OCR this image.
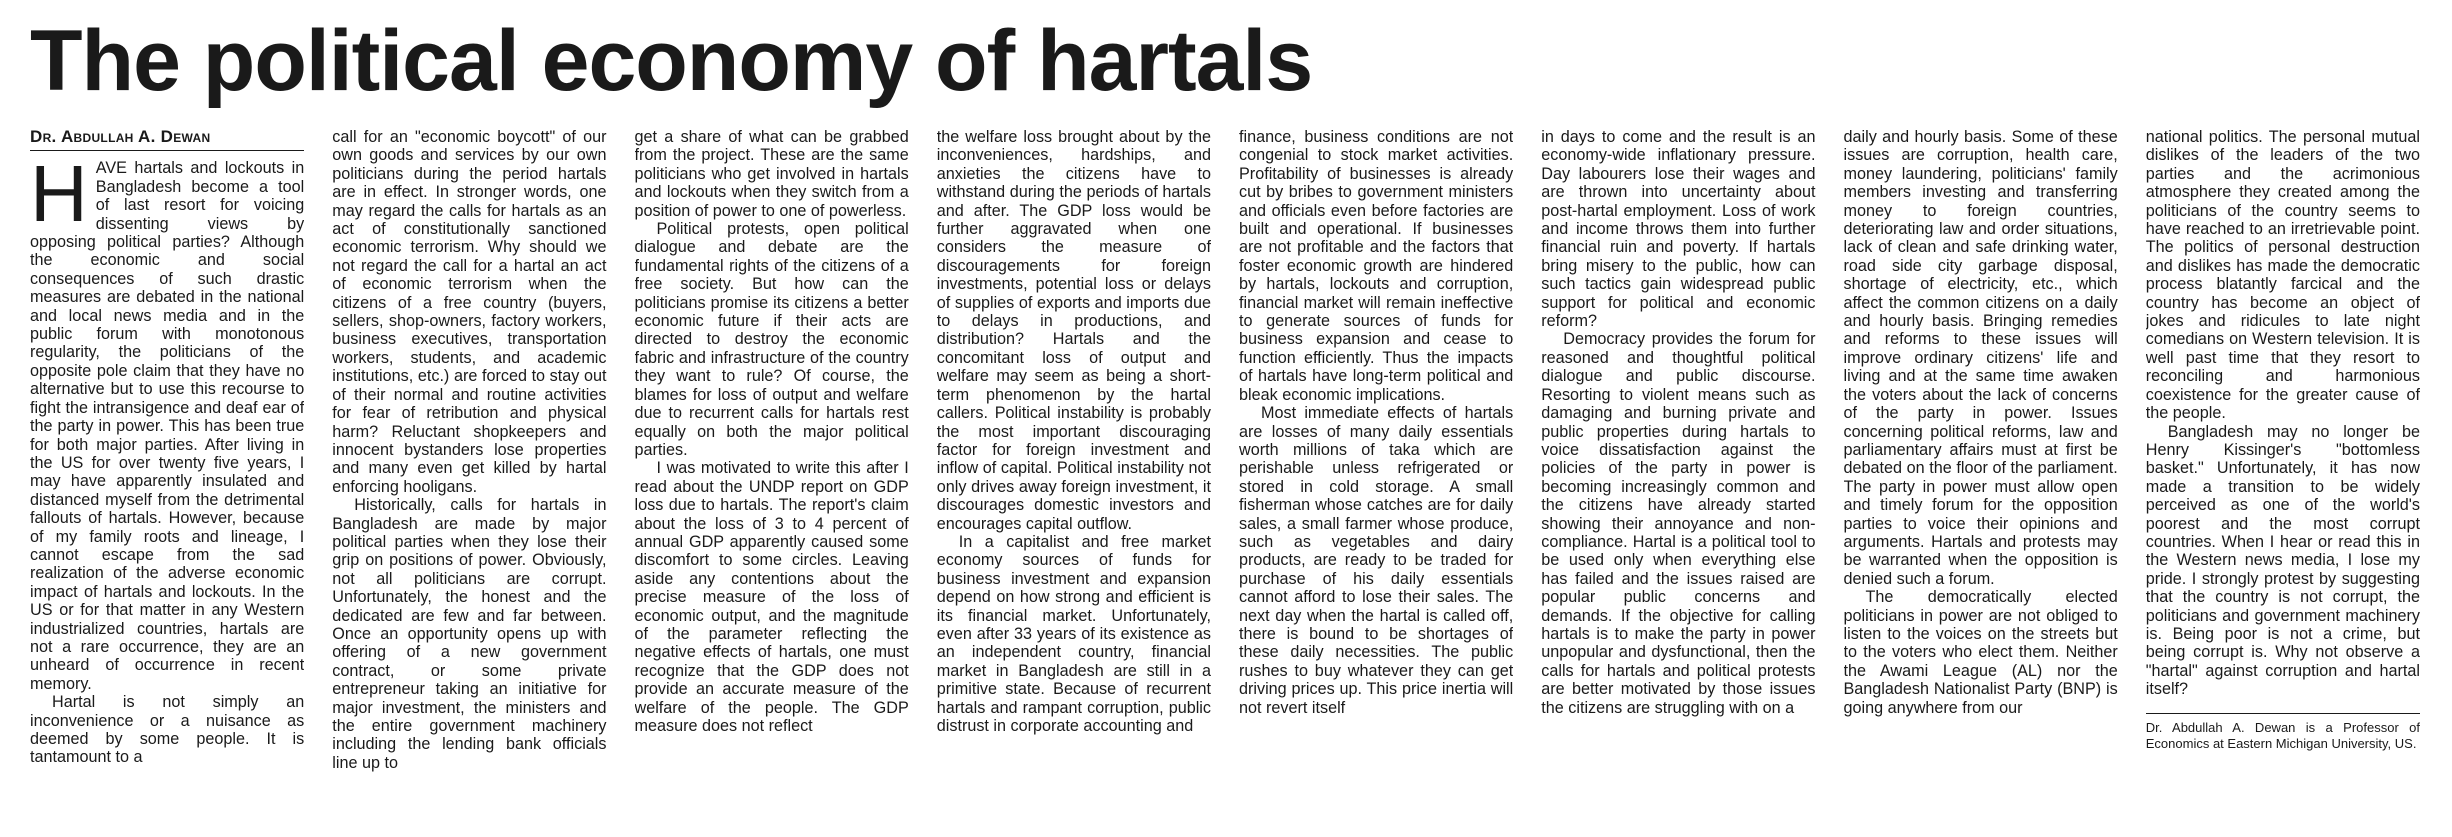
The political economy of hartals
Dr. Abdullah A. Dewan
H AVE hartals and lockouts in Bangladesh become a tool of last resort for voicing dissenting views by opposing political parties? Although the economic and social consequences of such drastic measures are debated in the national and local news media and in the public forum with monotonous regularity, the politicians of the opposite pole claim that they have no alternative but to use this recourse to fight the intransigence and deaf ear of the party in power. This has been true for both major parties. After living in the US for over twenty five years, I may have apparently insulated and distanced myself from the detrimental fallouts of hartals. However, because of my family roots and lineage, I cannot escape from the sad realization of the adverse economic impact of hartals and lockouts. In the US or for that matter in any Western industrialized countries, hartals are not a rare occurrence, they are an unheard of occurrence in recent memory.

Hartal is not simply an inconvenience or a nuisance as deemed by some people. It is tantamount to a

call for an "economic boycott" of our own goods and services by our own politicians during the period hartals are in effect. In stronger words, one may regard the calls for hartals as an act of constitutionally sanctioned economic terrorism. Why should we not regard the call for a hartal an act of economic terrorism when the citizens of a free country (buyers, sellers, shop-owners, factory workers, business executives, transportation workers, students, and academic institutions, etc.) are forced to stay out of their normal and routine activities for fear of retribution and physical harm? Reluctant shopkeepers and innocent bystanders lose properties and many even get killed by hartal enforcing hooligans.

Historically, calls for hartals in Bangladesh are made by major political parties when they lose their grip on positions of power. Obviously, not all politicians are corrupt. Unfortunately, the honest and the dedicated are few and far between. Once an opportunity opens up with offering of a new government contract, or some private entrepreneur taking an initiative for major investment, the ministers and the entire government machinery including the lending bank officials line up to

get a share of what can be grabbed from the project. These are the same politicians who get involved in hartals and lockouts when they switch from a position of power to one of powerless.

Political protests, open political dialogue and debate are the fundamental rights of the citizens of a free society. But how can the politicians promise its citizens a better economic future if their acts are directed to destroy the economic fabric and infrastructure of the country they want to rule? Of course, the blames for loss of output and welfare due to recurrent calls for hartals rest equally on both the major political parties.

I was motivated to write this after I read about the UNDP report on GDP loss due to hartals. The report's claim about the loss of 3 to 4 percent of annual GDP apparently caused some discomfort to some circles. Leaving aside any contentions about the precise measure of the loss of economic output, and the magnitude of the parameter reflecting the negative effects of hartals, one must recognize that the GDP does not provide an accurate measure of the welfare of the people. The GDP measure does not reflect

the welfare loss brought about by the inconveniences, hardships, and anxieties the citizens have to withstand during the periods of hartals and after. The GDP loss would be further aggravated when one considers the measure of discouragements for foreign investments, potential loss or delays of supplies of exports and imports due to delays in productions, and distribution? Hartals and the concomitant loss of output and welfare may seem as being a short-term phenomenon by the hartal callers. Political instability is probably the most important discouraging factor for foreign investment and inflow of capital. Political instability not only drives away foreign investment, it discourages domestic investors and encourages capital outflow.

In a capitalist and free market economy sources of funds for business investment and expansion depend on how strong and efficient is its financial market. Unfortunately, even after 33 years of its existence as an independent country, financial market in Bangladesh are still in a primitive state. Because of recurrent hartals and rampant corruption, public distrust in corporate accounting and

finance, business conditions are not congenial to stock market activities. Profitability of businesses is already cut by bribes to government ministers and officials even before factories are built and operational. If businesses are not profitable and the factors that foster economic growth are hindered by hartals, lockouts and corruption, financial market will remain ineffective to generate sources of funds for business expansion and cease to function efficiently. Thus the impacts of hartals have long-term political and bleak economic implications.

Most immediate effects of hartals are losses of many daily essentials worth millions of taka which are perishable unless refrigerated or stored in cold storage. A small fisherman whose catches are for daily sales, a small farmer whose produce, such as vegetables and dairy products, are ready to be traded for purchase of his daily essentials cannot afford to lose their sales. The next day when the hartal is called off, there is bound to be shortages of these daily necessities. The public rushes to buy whatever they can get driving prices up. This price inertia will not revert itself

in days to come and the result is an economy-wide inflationary pressure. Day labourers lose their wages and are thrown into uncertainty about post-hartal employment. Loss of work and income throws them into further financial ruin and poverty. If hartals bring misery to the public, how can such tactics gain widespread public support for political and economic reform?

Democracy provides the forum for reasoned and thoughtful political dialogue and public discourse. Resorting to violent means such as damaging and burning private and public properties during hartals to voice dissatisfaction against the policies of the party in power is becoming increasingly common and the citizens have already started showing their annoyance and non-compliance. Hartal is a political tool to be used only when everything else has failed and the issues raised are popular public concerns and demands. If the objective for calling hartals is to make the party in power unpopular and dysfunctional, then the calls for hartals and political protests are better motivated by those issues the citizens are struggling with on a

daily and hourly basis. Some of these issues are corruption, health care, money laundering, politicians' family members investing and transferring money to foreign countries, deteriorating law and order situations, lack of clean and safe drinking water, road side city garbage disposal, shortage of electricity, etc., which affect the common citizens on a daily and hourly basis. Bringing remedies and reforms to these issues will improve ordinary citizens' life and living and at the same time awaken the voters about the lack of concerns of the party in power. Issues concerning political reforms, law and parliamentary affairs must at first be debated on the floor of the parliament. The party in power must allow open and timely forum for the opposition parties to voice their opinions and arguments. Hartals and protests may be warranted when the opposition is denied such a forum.

The democratically elected politicians in power are not obliged to listen to the voices on the streets but to the voters who elect them. Neither the Awami League (AL) nor the Bangladesh Nationalist Party (BNP) is going anywhere from our

national politics. The personal mutual dislikes of the leaders of the two parties and the acrimonious atmosphere they created among the politicians of the country seems to have reached to an irretrievable point. The politics of personal destruction and dislikes has made the democratic process blatantly farcical and the country has become an object of jokes and ridicules to late night comedians on Western television. It is well past time that they resort to reconciling and harmonious coexistence for the greater cause of the people.

Bangladesh may no longer be Henry Kissinger's "bottomless basket." Unfortunately, it has now made a transition to be widely perceived as one of the world's poorest and the most corrupt countries. When I hear or read this in the Western news media, I lose my pride. I strongly protest by suggesting that the country is not corrupt, the politicians and government machinery is. Being poor is not a crime, but being corrupt is. Why not observe a "hartal" against corruption and hartal itself?

Dr. Abdullah A. Dewan is a Professor of Economics at Eastern Michigan University, US.
